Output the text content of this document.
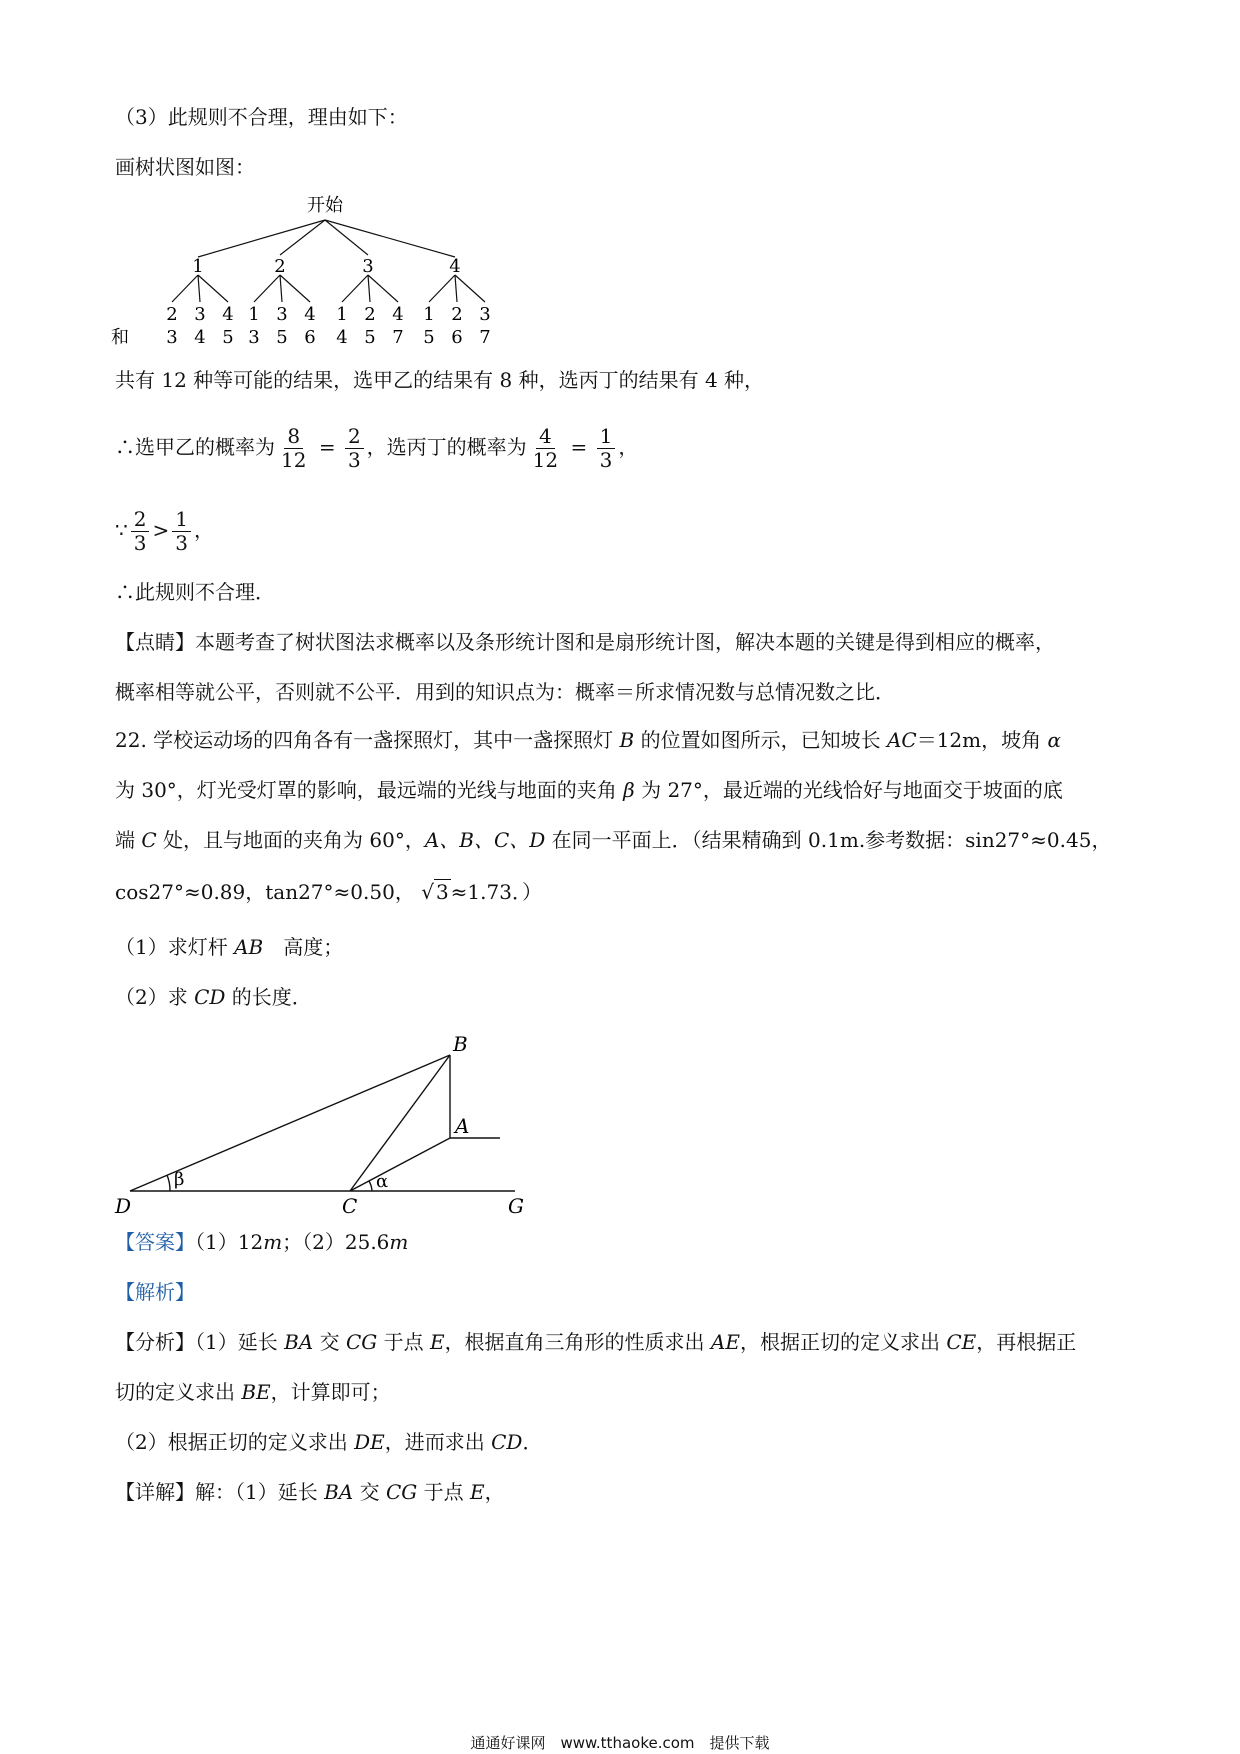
（3）此规则不合理，理由如下：
画树状图如图：
开始
1	2	3	4
2 3 4 1 3 4 1 2 4 1 2 3
和 3 4 5 3 5 6 4 5 7 5 6 7
共有 12 种等可能的结果，选甲乙的结果有 8 种，选丙丁的结果有 4 种，
∴选甲乙的概率为 $\frac{8}{12} = \frac{2}{3}$ ，选丙丁的概率为 $\frac{4}{12} = \frac{1}{3}$ ，
∵ $\frac{2}{3} > \frac{1}{3}$ ，
∴此规则不合理．
【点睛】本题考查了树状图法求概率以及条形统计图和是扇形统计图，解决本题的关键是得到相应的概率，
概率相等就公平，否则就不公平．用到的知识点为：概率＝所求情况数与总情况数之比．
22. 学校运动场的四角各有一盏探照灯，其中一盏探照灯 B 的位置如图所示，已知坡长 AC＝12m，坡角 α
为 30°，灯光受灯罩的影响，最远端的光线与地面的夹角 β 为 27°，最近端的光线恰好与地面交于坡面的底
端 C 处，且与地面的夹角为 60°，A、B、C、D 在同一平面上．（结果精确到 0.1m.参考数据：sin27°≈0.45，
cos27°≈0.89，tan27°≈0.50， √ 3 ≈1.73．）
（1）求灯杆 AB　高度；
（2）求 CD 的长度．
B
A
D	C	G
β	α
【答案】（1）12m；（2）25.6m
【解析】
【分析】（1）延长 BA 交 CG 于点 E，根据直角三角形的性质求出 AE，根据正切的定义求出 CE，再根据正
切的定义求出 BE，计算即可；
（2）根据正切的定义求出 DE，进而求出 CD．
【详解】解：（1）延长 BA 交 CG 于点 E，
通通好课网　www.tthaoke.com　提供下载
